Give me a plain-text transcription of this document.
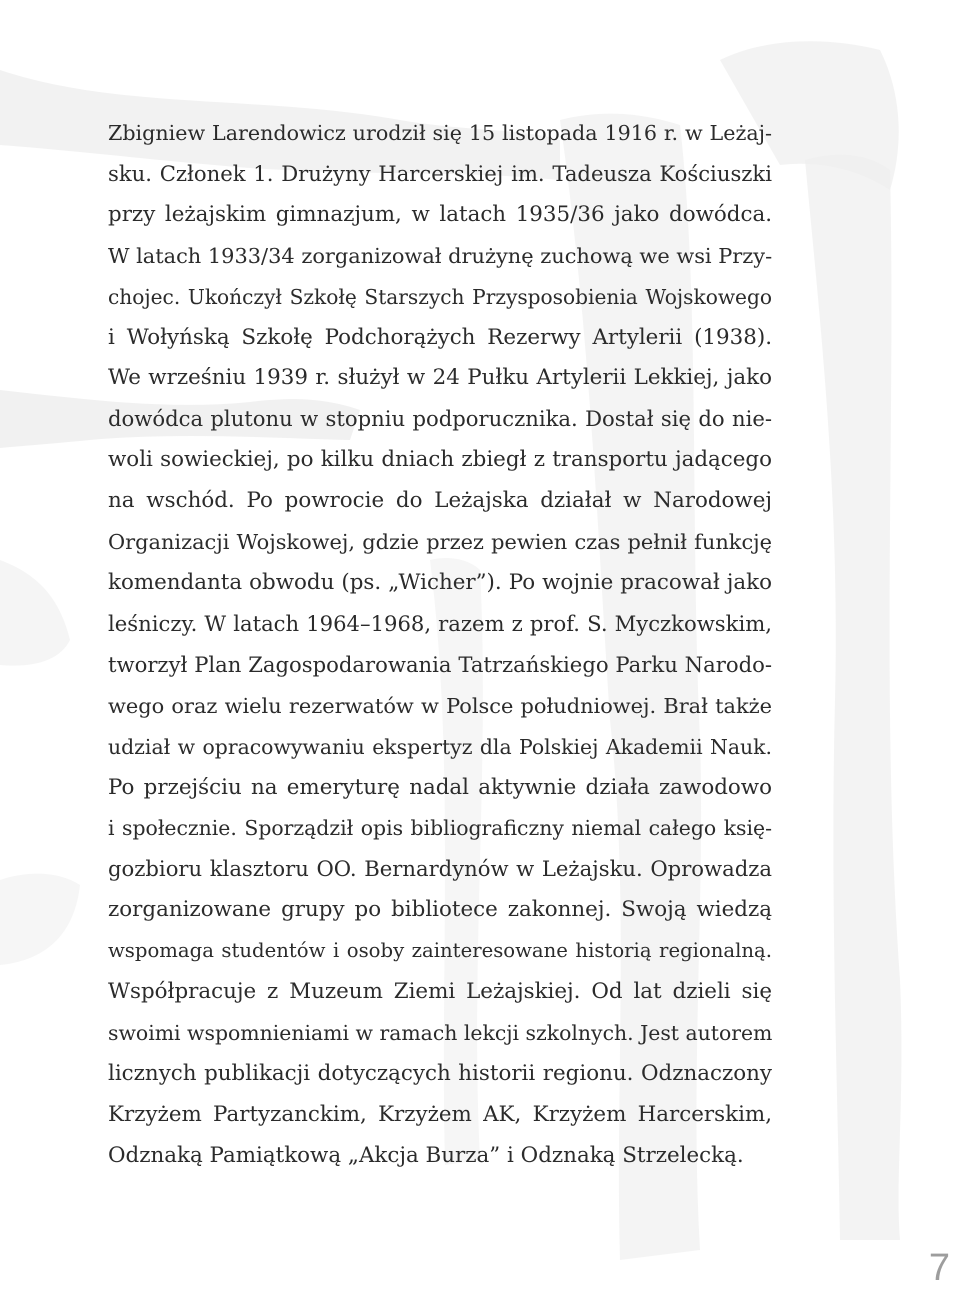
Zbigniew Larendowicz urodził się 15 listopada 1916 r. w Leżaj-
sku. Członek 1. Drużyny Harcerskiej im. Tadeusza Kościuszki
przy leżajskim gimnazjum, w latach 1935/36 jako dowódca.
W latach 1933/34 zorganizował drużynę zuchową we wsi Przy-
chojec. Ukończył Szkołę Starszych Przysposobienia Wojskowego
i Wołyńską Szkołę Podchorążych Rezerwy Artylerii (1938).
We wrześniu 1939 r. służył w 24 Pułku Artylerii Lekkiej, jako
dowódca plutonu w stopniu podporucznika. Dostał się do nie-
woli sowieckiej, po kilku dniach zbiegł z transportu jadącego
na wschód. Po powrocie do Leżajska działał w Narodowej
Organizacji Wojskowej, gdzie przez pewien czas pełnił funkcję
komendanta obwodu (ps. „Wicher”). Po wojnie pracował jako
leśniczy. W latach 1964–1968, razem z prof. S. Myczkowskim,
tworzył Plan Zagospodarowania Tatrzańskiego Parku Narodo-
wego oraz wielu rezerwatów w Polsce południowej. Brał także
udział w opracowywaniu ekspertyz dla Polskiej Akademii Nauk.
Po przejściu na emeryturę nadal aktywnie działa zawodowo
i społecznie. Sporządził opis bibliograficzny niemal całego księ-
gozbioru klasztoru OO. Bernardynów w Leżajsku. Oprowadza
zorganizowane grupy po bibliotece zakonnej. Swoją wiedzą
wspomaga studentów i osoby zainteresowane historią regionalną.
Współpracuje z Muzeum Ziemi Leżajskiej. Od lat dzieli się
swoimi wspomnieniami w ramach lekcji szkolnych. Jest autorem
licznych publikacji dotyczących historii regionu. Odznaczony
Krzyżem Partyzanckim, Krzyżem AK, Krzyżem Harcerskim,
Odznaką Pamiątkową „Akcja Burza” i Odznaką Strzelecką.
7
